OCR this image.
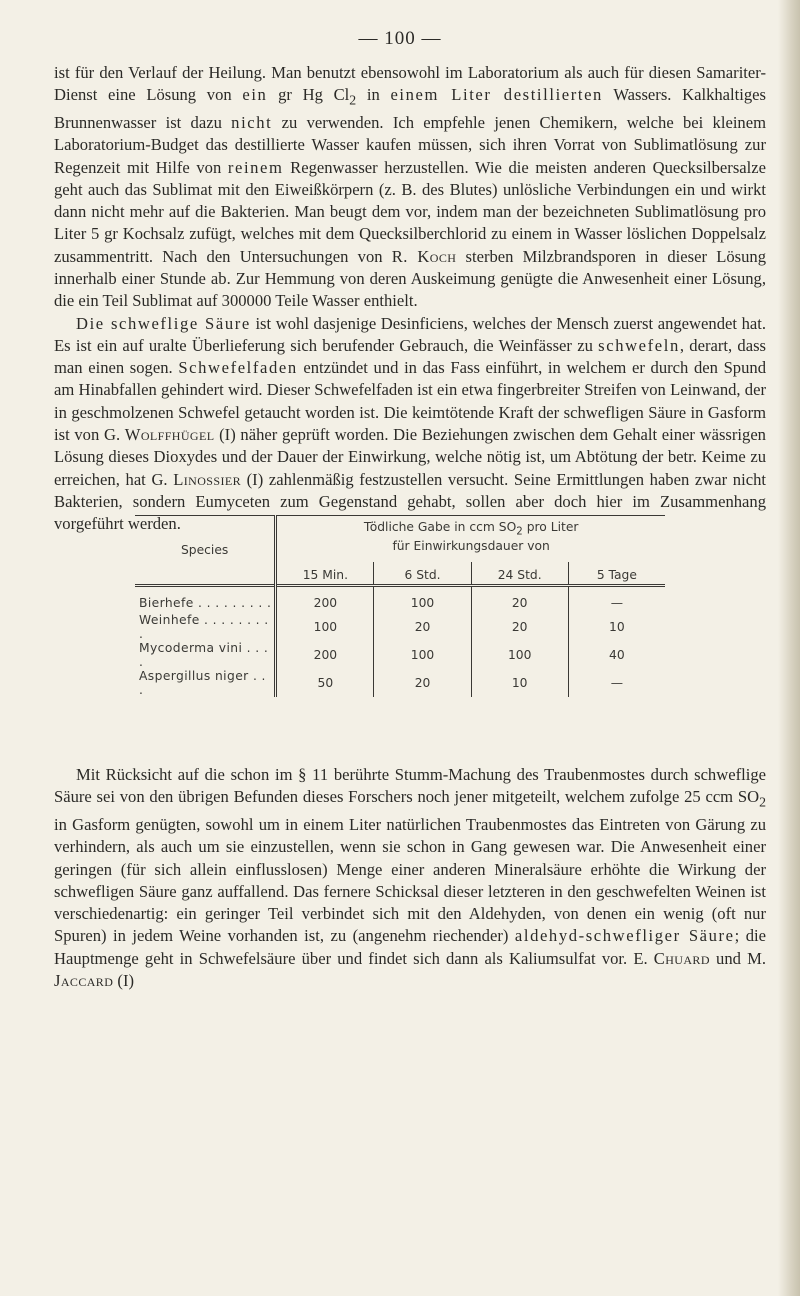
— 100 —

ist für den Verlauf der Heilung. Man benutzt ebensowohl im Laboratorium als auch für diesen Samariter-Dienst eine Lösung von ein gr Hg $Cl_2$ in einem Liter destillierten Wassers. Kalkhaltiges Brunnenwasser ist dazu nicht zu verwenden. Ich empfehle jenen Chemikern, welche bei kleinem Laboratorium-Budget das destillierte Wasser kaufen müssen, sich ihren Vorrat von Sublimatlösung zur Regenzeit mit Hilfe von reinem Regenwasser herzustellen. Wie die meisten anderen Quecksilbersalze geht auch das Sublimat mit den Eiweißkörpern (z. B. des Blutes) unlösliche Verbindungen ein und wirkt dann nicht mehr auf die Bakterien. Man beugt dem vor, indem man der bezeichneten Sublimatlösung pro Liter 5 gr Kochsalz zufügt, welches mit dem Quecksilberchlorid zu einem in Wasser löslichen Doppelsalz zusammentritt. Nach den Untersuchungen von R. Koch sterben Milzbrandsporen in dieser Lösung innerhalb einer Stunde ab. Zur Hemmung von deren Auskeimung genügte die Anwesenheit einer Lösung, die ein Teil Sublimat auf 300000 Teile Wasser enthielt.

Die schweflige Säure ist wohl dasjenige Desinficiens, welches der Mensch zuerst angewendet hat. Es ist ein auf uralte Überlieferung sich berufender Gebrauch, die Weinfässer zu schwefeln, derart, dass man einen sogen. Schwefelfaden entzündet und in das Fass einführt, in welchem er durch den Spund am Hinabfallen gehindert wird. Dieser Schwefelfaden ist ein etwa fingerbreiter Streifen von Leinwand, der in geschmolzenen Schwefel getaucht worden ist. Die keimtötende Kraft der schwefligen Säure in Gasform ist von G. Wolffhügel (I) näher geprüft worden. Die Beziehungen zwischen dem Gehalt einer wässrigen Lösung dieses Dioxydes und der Dauer der Einwirkung, welche nötig ist, um Abtötung der betr. Keime zu erreichen, hat G. Linossier (I) zahlenmäßig festzustellen versucht. Seine Ermittlungen haben zwar nicht Bakterien, sondern Eumyceten zum Gegenstand gehabt, sollen aber doch hier im Zusammenhang vorgeführt werden.

Species	Tödliche Gabe in ccm $SO_2$ pro Liter
für Einwirkungsdauer von			
	15 Min.	6 Std.	24 Std.	5 Tage

Bierhefe . . . . . . . . .	200	100	20	—
Weinhefe . . . . . . . . .	100	20	20	10
Mycoderma vini . . . .	200	100	100	40
Aspergillus niger . . .	50	20	10	—

Mit Rücksicht auf die schon im § 11 berührte Stumm-Machung des Traubenmostes durch schweflige Säure sei von den übrigen Befunden dieses Forschers noch jener mitgeteilt, welchem zufolge 25 ccm $SO_2$ in Gasform genügten, sowohl um in einem Liter natürlichen Traubenmostes das Eintreten von Gärung zu verhindern, als auch um sie einzustellen, wenn sie schon in Gang gewesen war. Die Anwesenheit einer geringen (für sich allein einflusslosen) Menge einer anderen Mineralsäure erhöhte die Wirkung der schwefligen Säure ganz auffallend. Das fernere Schicksal dieser letzteren in den geschwefelten Weinen ist verschiedenartig: ein geringer Teil verbindet sich mit den Aldehyden, von denen ein wenig (oft nur Spuren) in jedem Weine vorhanden ist, zu (angenehm riechender) aldehyd-schwefliger Säure; die Hauptmenge geht in Schwefelsäure über und findet sich dann als Kaliumsulfat vor. E. Chuard und M. Jaccard (I)
